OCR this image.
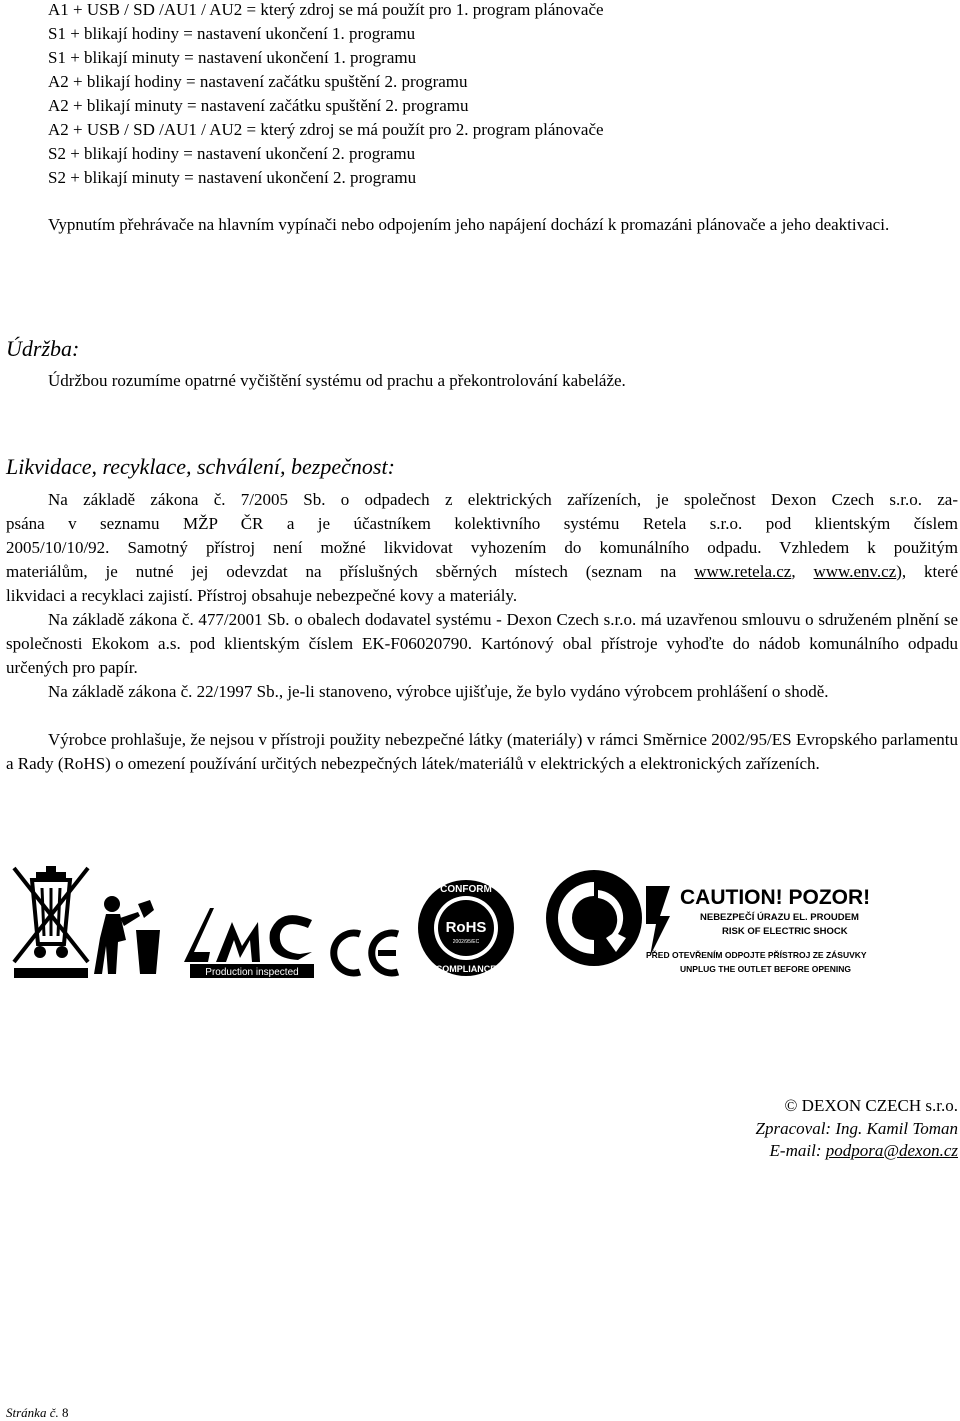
A1 + USB / SD /AU1 / AU2 = který zdroj se má použít pro 1. program plánovače
S1 + blikají hodiny = nastavení ukončení 1. programu
S1 + blikají minuty = nastavení ukončení 1. programu
A2 + blikají hodiny = nastavení začátku spuštění 2. programu
A2 + blikají minuty = nastavení začátku spuštění 2. programu
A2 + USB / SD /AU1 / AU2 = který zdroj se má použít pro 2. program plánovače
S2 + blikají hodiny = nastavení ukončení 2. programu
S2 + blikají minuty = nastavení ukončení 2. programu
Vypnutím přehrávače na hlavním vypínači nebo odpojením jeho napájení dochází k promazáni plánovače a jeho deaktivaci.
Údržba:
Údržbou rozumíme opatrné vyčištění systému od prachu a překontrolování kabeláže.
Likvidace, recyklace, schválení, bezpečnost:
Na základě zákona č. 7/2005 Sb. o odpadech z elektrických zařízeních, je společnost Dexon Czech s.r.o. za-
psána v seznamu MŽP ČR a je účastníkem kolektivního systému Retela s.r.o. pod klientským číslem
2005/10/10/92. Samotný přístroj není možné likvidovat vyhozením do komunálního odpadu. Vzhledem k použitým
materiálům, je nutné jej odevzdat na příslušných sběrných místech (seznam na www.retela.cz, www.env.cz), které
likvidaci a recyklaci zajistí. Přístroj obsahuje nebezpečné kovy a materiály.
Na základě zákona č. 477/2001 Sb. o obalech dodavatel systému - Dexon Czech s.r.o. má uzavřenou smlouvu o sdruženém plnění se společnosti Ekokom a.s. pod klientským číslem EK-F06020790. Kartónový obal přístroje vyhoďte do nádob komunálního odpadu určených pro papír.
Na základě zákona č. 22/1997 Sb., je-li stanoveno, výrobce ujišťuje, že bylo vydáno výrobcem prohlášení o shodě.
Výrobce prohlašuje, že nejsou v přístroji použity nebezpečné látky (materiály) v rámci Směrnice 2002/95/ES Evropského parlamentu a Rady (RoHS) o omezení používání určitých nebezpečných látek/materiálů v elektrických a elektronických zařízeních.
Production inspected
CONFORM
COMPLIANCE
RoHS
2002/95/EC
CAUTION! POZOR!
NEBEZPEČÍ ÚRAZU EL. PROUDEM
RISK OF ELECTRIC SHOCK
PŘED OTEVŘENÍM ODPOJTE PŘÍSTROJ ZE ZÁSUVKY
UNPLUG THE OUTLET BEFORE OPENING
© DEXON CZECH s.r.o.
Zpracoval: Ing. Kamil Toman
E-mail: podpora@dexon.cz
Stránka č. 8
